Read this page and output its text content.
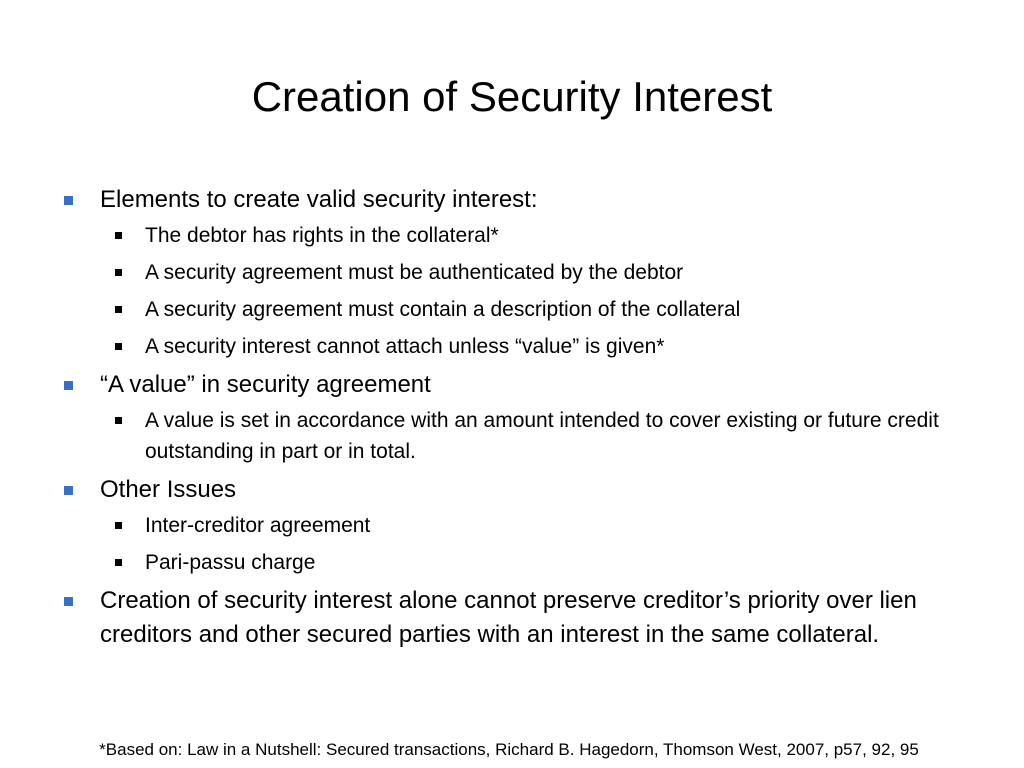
Creation of Security Interest
Elements to create valid security interest:
The debtor has rights in the collateral*
A security agreement must be authenticated by the debtor
A security agreement must contain a description of the collateral
A security interest cannot attach unless “value” is given*
“A value” in security agreement
A value is set in accordance with an amount intended to cover existing or future credit outstanding in part or in total.
Other Issues
Inter-creditor agreement
Pari-passu charge
Creation of security interest alone cannot preserve creditor’s priority over lien creditors and other secured parties with an interest in the same collateral.
*Based on: Law in a Nutshell: Secured transactions, Richard B. Hagedorn, Thomson West, 2007, p57, 92, 95
